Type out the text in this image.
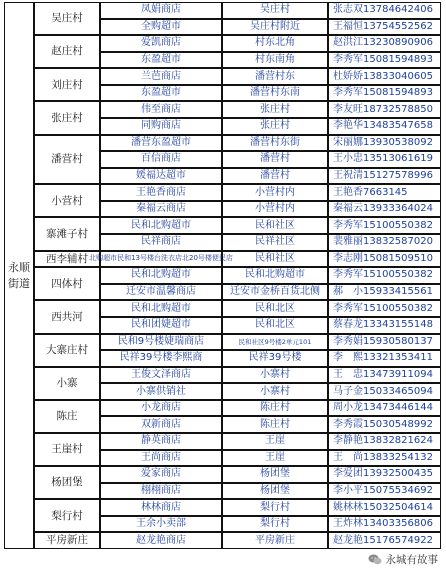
永顺街道
吴庄村
凤娟商店	吴庄村	张志双13784642406
全购超市	吴庄村附近	王福恒13754552562
赵庄村
爱凯商店	村东北角	赵洪江13230890906
东盈超市	村东南角	李秀军15081594893
刘庄村
兰芭商店	潘营村东	杜娇娇13833040605
东盈超市	潘营村东南	李秀军15081594893
张庄村
伟至商店	张庄村	李友旺18732578850
同购商店	张庄村	李艳华13483547658
潘营村
潘营东盈超市	潘营村东街	宋丽娜13930538092
百信商店	潘营村	王小忠13513061619
媛福达超市	潘营村	王祝清15127578996
小营村
王艳香商店	小营村内	王艳香7663145
秦福云商店	小营村内	秦福云13933364024
寨滩子村
民和北购超市	民和社区	李秀军15100550382
民祥商店	民祥社区	裴雅丽13832587020
西李辅村 北购超市民和13号楼台洗衣店北20号楼便民店	民和社区	李志刚15081509510
四体村
民和北购超市	民和北购超市	李秀军15100550382
迁安市温馨商店	迁安市金桥百货北侧	郝　小15933415561
西共河
民和北购超市	民和北区	李秀军15100550382
民和团婕超市	民和北区	蔡春龙13343155148
大寨庄村
民和9号楼婕瑞商店	民和社区9号楼2单元101	李秀娟15930580137
民祥39号楼李熙商	民祥39号楼	李　熙13321353411
小寨
王俊文泽商店	小寨村	王　忠13473911094
小寨供销社	小寨村	马子金15033465094
陈庄
小龙商店	陈庄村	周小龙13473446144
双新商店	陈庄村	李秀霞15030548992
王崖村
静英商店	王崖	李静艳13832821624
王尚商店	王崖	王　尚13833254132
杨团堡
爱家商店	杨团堡	李爱团13932500435
栩栩商店	杨团堡	李小平15075534692
梨行村
林林商店	梨行村	姚林林15032504614
王余小卖部	梨行村	王炸林13403356806
平房新庄	赵龙艳商店	平房新庄	赵龙艳15176574922
永城有故事
